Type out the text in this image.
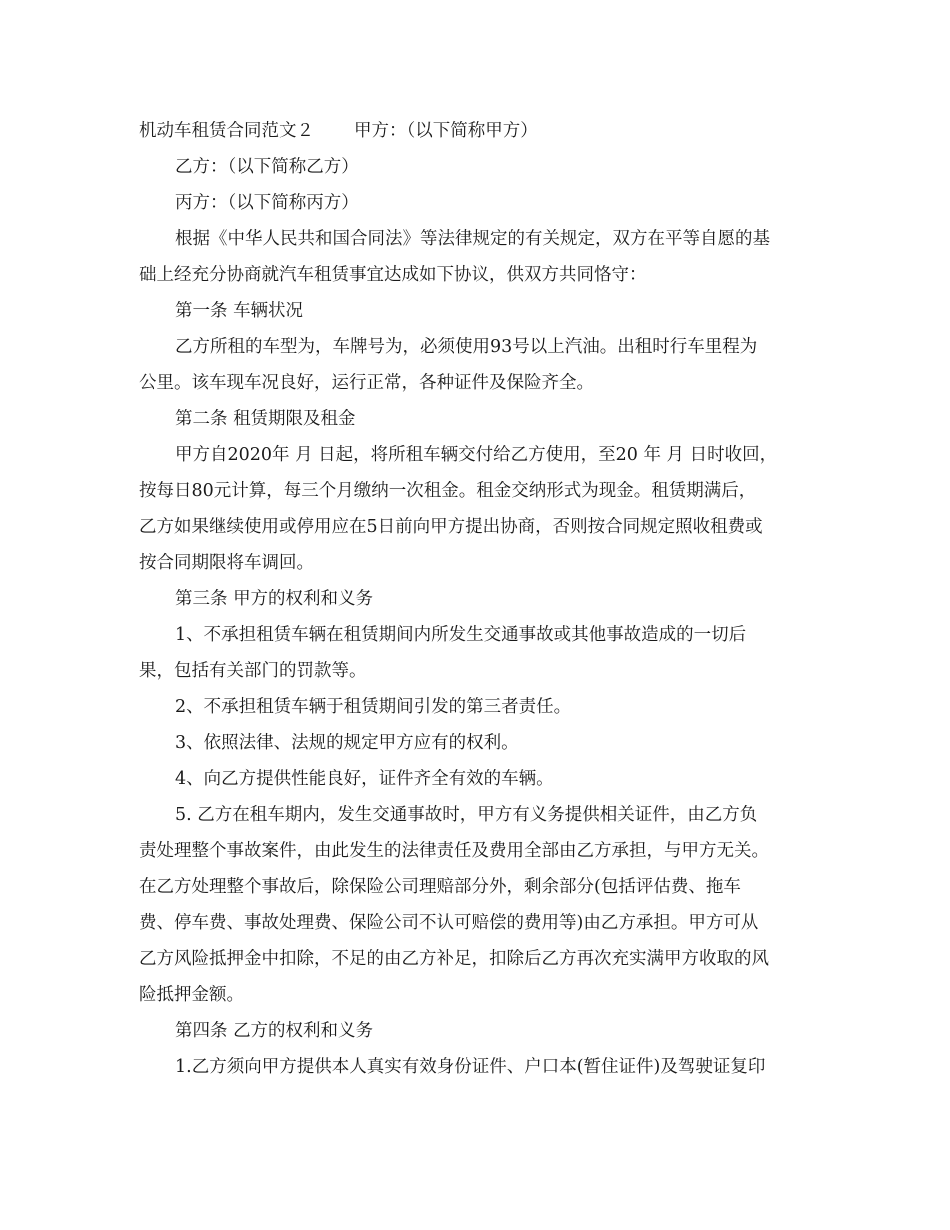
机动车租赁合同范文２ 甲方：（以下简称甲方）
乙方：（以下简称乙方）
丙方：（以下简称丙方）
根据《中华人民共和国合同法》等法律规定的有关规定，双方在平等自愿的基
础上经充分协商就汽车租赁事宜达成如下协议，供双方共同恪守：
第一条 车辆状况
乙方所租的车型为，车牌号为，必须使用93号以上汽油。出租时行车里程为
公里。该车现车况良好，运行正常，各种证件及保险齐全。
第二条 租赁期限及租金
甲方自2020年 月 日起，将所租车辆交付给乙方使用，至20 年 月 日时收回，
按每日80元计算，每三个月缴纳一次租金。租金交纳形式为现金。租赁期满后，
乙方如果继续使用或停用应在5日前向甲方提出协商，否则按合同规定照收租费或
按合同期限将车调回。
第三条 甲方的权利和义务
1、不承担租赁车辆在租赁期间内所发生交通事故或其他事故造成的一切后
果，包括有关部门的罚款等。
2、不承担租赁车辆于租赁期间引发的第三者责任。
3、依照法律、法规的规定甲方应有的权利。
4、向乙方提供性能良好，证件齐全有效的车辆。
5. 乙方在租车期内，发生交通事故时，甲方有义务提供相关证件，由乙方负
责处理整个事故案件，由此发生的法律责任及费用全部由乙方承担，与甲方无关。
在乙方处理整个事故后，除保险公司理赔部分外，剩余部分(包括评估费、拖车
费、停车费、事故处理费、保险公司不认可赔偿的费用等)由乙方承担。甲方可从
乙方风险抵押金中扣除，不足的由乙方补足，扣除后乙方再次充实满甲方收取的风
险抵押金额。
第四条 乙方的权利和义务
1.乙方须向甲方提供本人真实有效身份证件、户口本(暂住证件)及驾驶证复印
